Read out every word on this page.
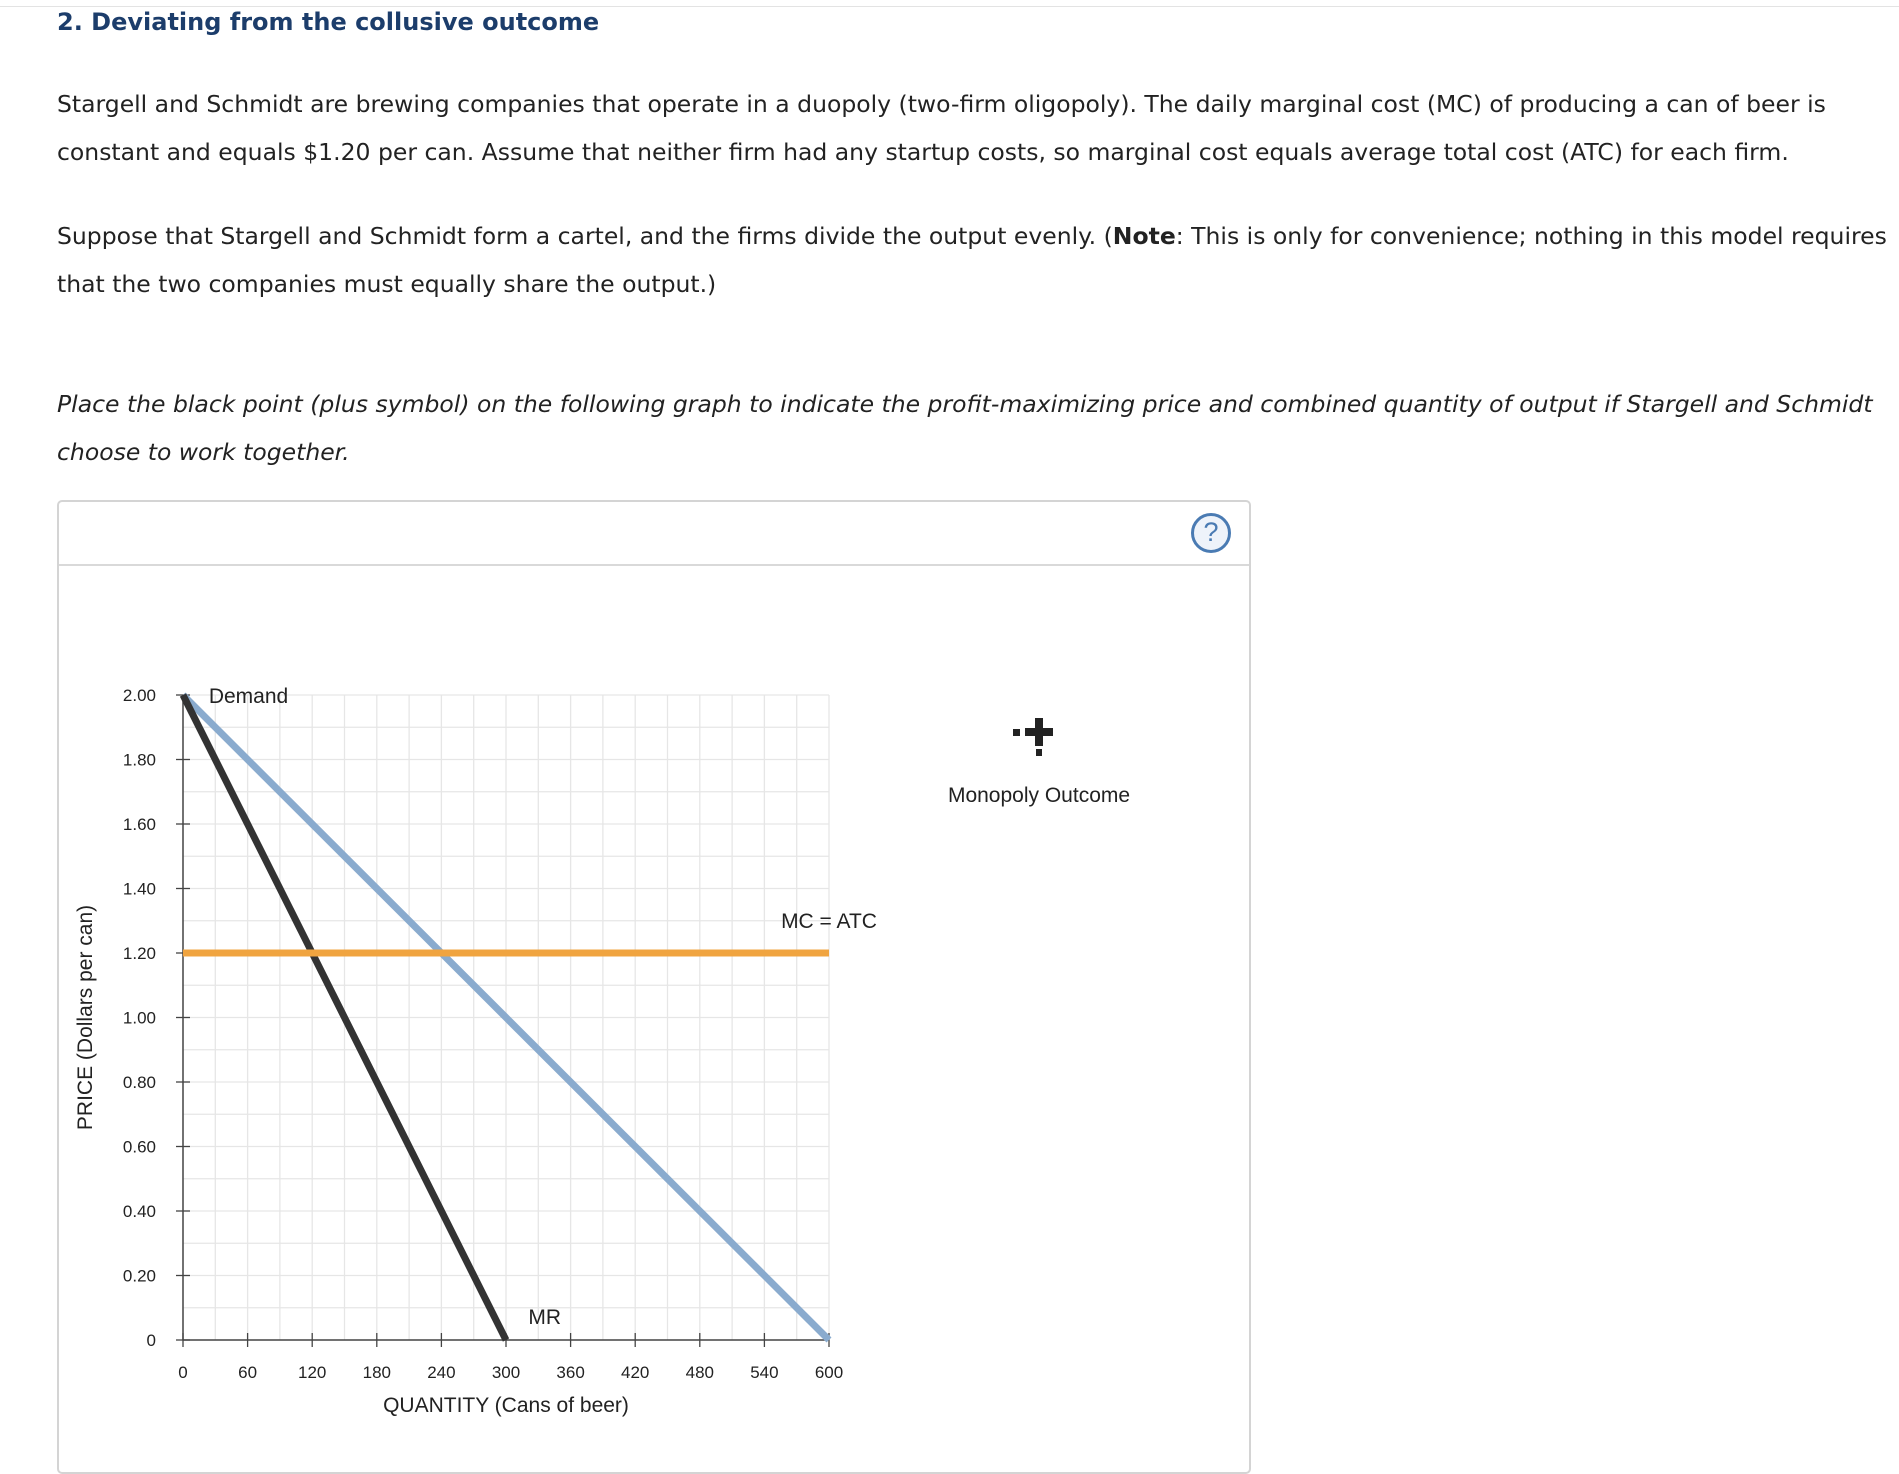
2. Deviating from the collusive outcome

Stargell and Schmidt are brewing companies that operate in a duopoly (two-firm oligopoly). The daily marginal cost (MC) of producing a can of beer is constant and equals $1.20 per can. Assume that neither firm had any startup costs, so marginal cost equals average total cost (ATC) for each firm.

Suppose that Stargell and Schmidt form a cartel, and the firms divide the output evenly. (Note: This is only for convenience; nothing in this model requires that the two companies must equally share the output.)

Place the black point (plus symbol) on the following graph to indicate the profit-maximizing price and combined quantity of output if Stargell and Schmidt choose to work together.

?
0
0.20
0.40
0.60
0.80
1.00
1.20
1.40
1.60
1.80
2.00
0	60 120 180 240 300 360 420 480 540 600
QUANTITY (Cans of beer)
PRICE (Dollars per can)
Demand
MR
MC = ATC
Monopoly Outcome
